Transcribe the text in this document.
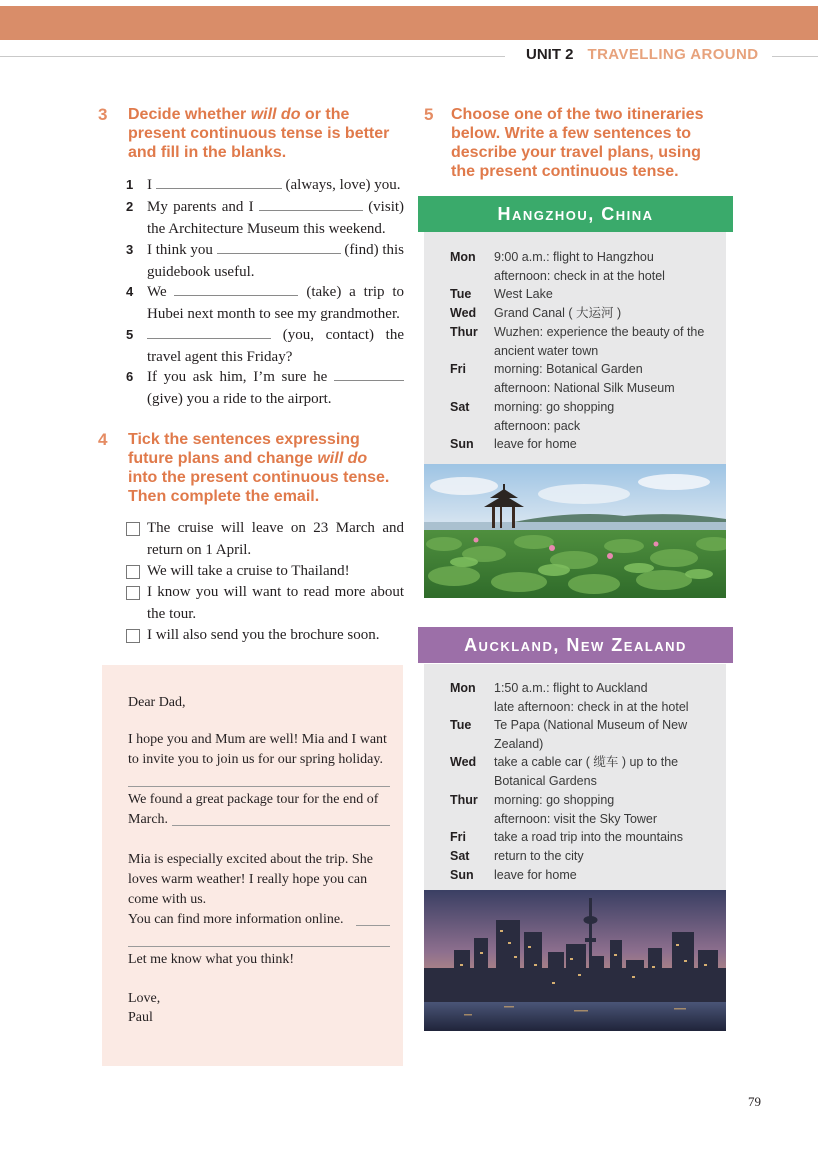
UNIT 2 TRAVELLING AROUND
3 Decide whether will do or the present continuous tense is better and fill in the blanks.
1 I	(always, love) you.
2 My parents and I	(visit) the Architecture Museum this weekend.
3 I think you	(find) this guidebook useful.
4 We	(take) a trip to Hubei next month to see my grandmother.
5	(you, contact) the travel agent this Friday?
6 If you ask him, I’m sure he  (give) you a ride to the airport.
4 Tick the sentences expressing future plans and change will do into the present continuous tense. Then complete the email.
The cruise will leave on 23 March and return on 1 April.
We will take a cruise to Thailand!
I know you will want to read more about the tour.
I will also send you the brochure soon.
Dear Dad,
I hope you and Mum are well! Mia and I want to invite you to join us for our spring holiday.
We found a great package tour for the end of
March.
Mia is especially excited about the trip. She loves warm weather! I really hope you can come with us.
You can find more information online.
Let me know what you think!
Love,
Paul
5 Choose one of the two itineraries below. Write a few sentences to describe your travel plans, using the present continuous tense.
Hangzhou, China
Mon 9:00 a.m.: flight to Hangzhou
afternoon: check in at the hotel
Tue West Lake
Wed Grand Canal ( 大运河 )
Thur Wuzhen: experience the beauty of the
ancient water town
Fri morning: Botanical Garden
afternoon: National Silk Museum
Sat morning: go shopping
afternoon: pack
Sun leave for home
Auckland, New Zealand
Mon 1:50 a.m.: flight to Auckland
late afternoon: check in at the hotel
Tue Te Papa (National Museum of New
Zealand)
Wed take a cable car ( 缆车 ) up to the
Botanical Gardens
Thur morning: go shopping
afternoon: visit the Sky Tower
Fri take a road trip into the mountains
Sat return to the city
Sun leave for home
79
